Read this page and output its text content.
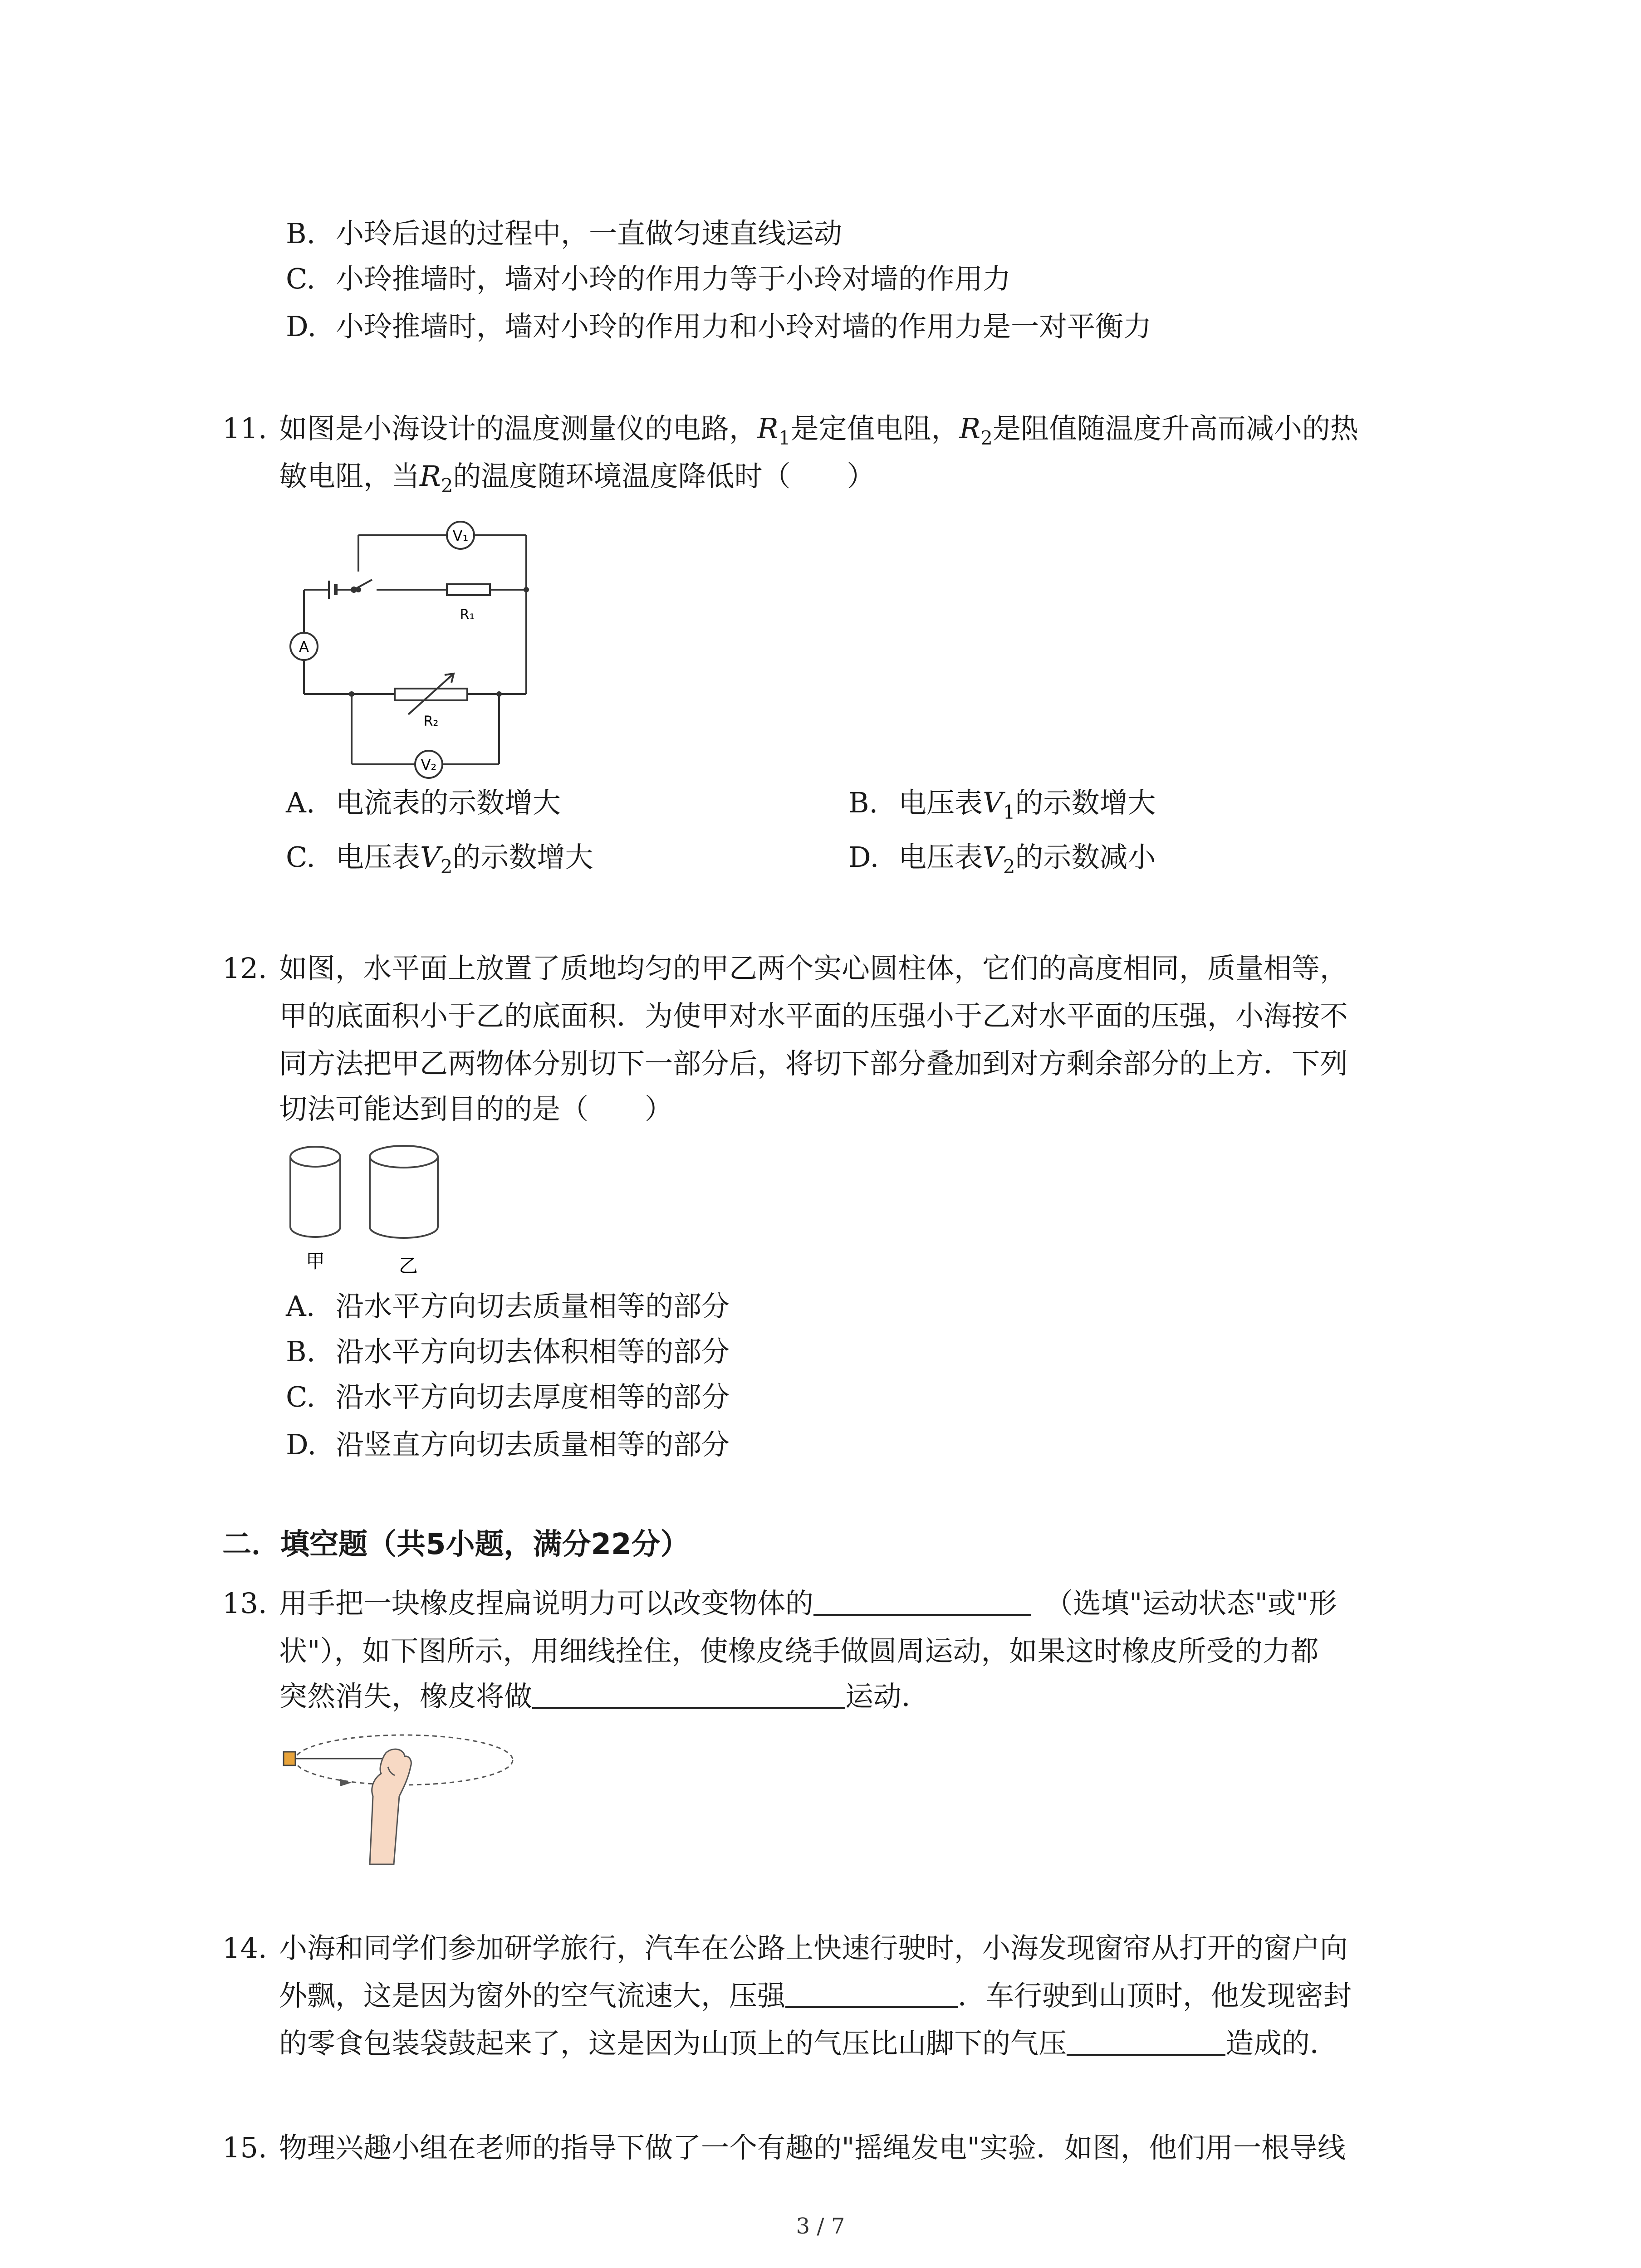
B. 小玲后退的过程中，一直做匀速直线运动
C. 小玲推墙时，墙对小玲的作用力等于小玲对墙的作用力
D. 小玲推墙时，墙对小玲的作用力和小玲对墙的作用力是一对平衡力
11. 如图是小海设计的温度测量仪的电路，$R_1$是定值电阻，$R_2$是阻值随温度升高而减小的热
敏电阻，当$R_2$的温度随环境温度降低时（　　）
V₁
A
V₂
R₁
R₂
A. 电流表的示数增大	B. 电压表$V_1$的示数增大
C. 电压表$V_2$的示数增大	D. 电压表$V_2$的示数减小
12. 如图，水平面上放置了质地均匀的甲乙两个实心圆柱体，它们的高度相同，质量相等，
甲的底面积小于乙的底面积．为使甲对水平面的压强小于乙对水平面的压强，小海按不
同方法把甲乙两物体分别切下一部分后，将切下部分叠加到对方剩余部分的上方．下列
切法可能达到目的的是（　　）
甲	乙
A. 沿水平方向切去质量相等的部分
B. 沿水平方向切去体积相等的部分
C. 沿水平方向切去厚度相等的部分
D. 沿竖直方向切去质量相等的部分
二．填空题（共5小题，满分22分）
13. 用手把一块橡皮捏扁说明力可以改变物体的	（选填"运动状态"或"形
状"），如下图所示，用细线拴住，使橡皮绕手做圆周运动，如果这时橡皮所受的力都
突然消失，橡皮将做	运动．
14. 小海和同学们参加研学旅行，汽车在公路上快速行驶时，小海发现窗帘从打开的窗户向
外飘，这是因为窗外的空气流速大，压强	．车行驶到山顶时，他发现密封
的零食包装袋鼓起来了，这是因为山顶上的气压比山脚下的气压	造成的．
15. 物理兴趣小组在老师的指导下做了一个有趣的"摇绳发电"实验．如图，他们用一根导线
3 / 7
